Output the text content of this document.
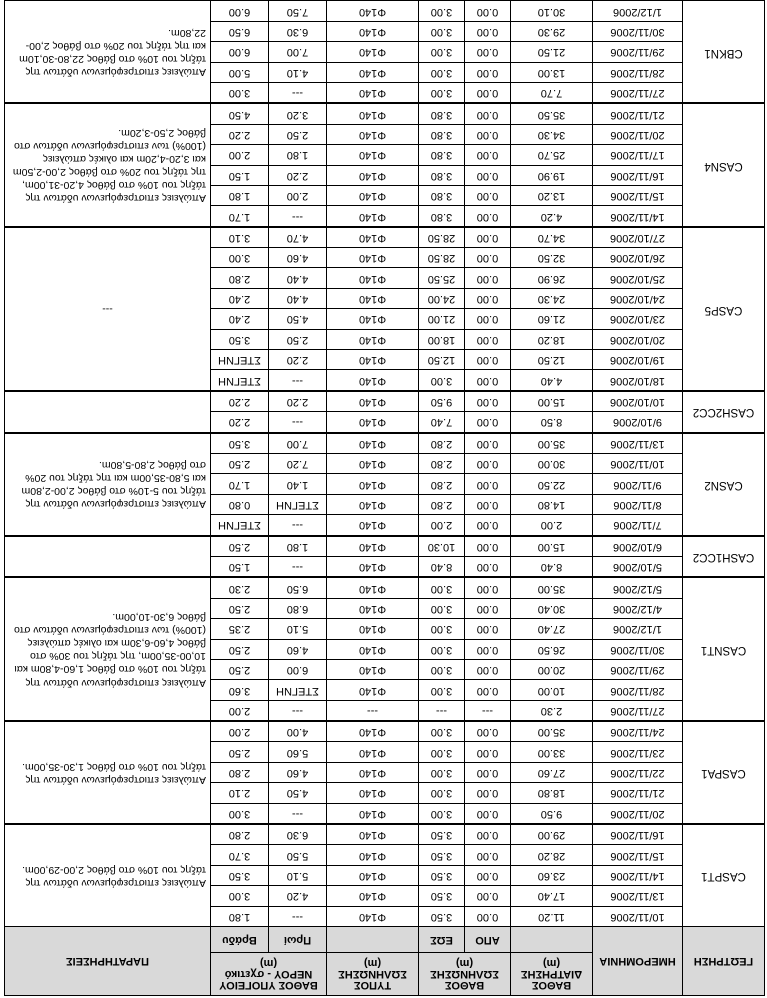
ΓΕΩΤΡΗΣΗ	ΗΜΕΡΟΜΗΝΙΑ	ΒΑΘΟΣ ΔΙΑΤΡΗΣΗΣ
(m)	ΒΑΘΟΣ ΣΩΛΗΝΩΣΗΣ
(m)		ΤΥΠΟΣ ΣΩΛΗΝΩΣΗΣ
(m)	ΒΑΘΟΣ ΥΠΟΓΕΙΟΥ ΝΕΡΟΥ - σχετικό
(m)		ΠΑΡΑΤΗΡΗΣΕΙΣ
			ΑΠΟ	ΕΩΣ		Πρωί	Βράδυ	
CASPT1	10/11/2006	11.20	0.00	3.50	Φ140	---	1.80	Απώλειες επιστρεφόμενων υδάτων της τάξης του 10% στο βάθος 2,00-29,00m.
	13/11/2006	17.40	0.00	3.50	Φ140	4.20	3.00	
	14/11/2006	23.60	0.00	3.50	Φ140	5.10	3.50	
	15/11/2006	28.20	0.00	3.50	Φ140	5.50	3.70	
	16/11/2006	29.00	0.00	3.50	Φ140	6.30	2.80	
CASPA1	20/11/2006	9.50	0.00	3.00	Φ140	---	3.00	Απώλειες επιστρεφόμενων υδάτων της τάξης του 10% στο βάθος 1,30-35,00m.
	21/11/2006	18.80	0.00	3.00	Φ140	4.50	2.10	
	22/11/2006	27.60	0.00	3.00	Φ140	4.60	2.80	
	23/11/2006	33.00	0.00	3.00	Φ140	5.60	2.50	
	24/11/2006	35.00	0.00	3.00	Φ140	4.00	2.00	
CASNT1	27/11/2006	2.30	---	---	---	---	2.00	Απώλειες επιστρεφόμενων υδάτων της τάξης του 10% στο βάθος 1,60-4,80m και 10,00-35,00m, της τάξης του 30% στο βάθος 4,60-6,30m και ολικές απώλειες (100%) των επιστρεφόμενων υδάτων στο βάθος 6,30-10,00m.
	28/11/2006	10.00	0.00	3.00	Φ140	ΣΤΕΓΝΗ	3.60	
	29/11/2006	20.00	0.00	3.00	Φ140	6.00	2.50	
	30/11/2006	26.50	0.00	3.00	Φ140	4.60	2.50	
	1/12/2006	27.40	0.00	3.00	Φ140	5.10	2.35	
	4/12/2006	30.40	0.00	3.00	Φ140	6.80	2.50	
	5/12/2006	35.00	0.00	3.00	Φ140	6.50	2.30	
CASH1CC2	5/10/2006	8.40	0.00	8.40	Φ140	---	1.50	
	6/10/2006	15.00	0.00	10.30	Φ140	1.80	2.50	
CASN2	7/11/2006	2.00	0.00	2.00	Φ140	---	ΣΤΕΓΝΗ	Απώλειες επιστρεφόμενων υδάτων της τάξης του 5-10% στο βάθος 2,00-2,80m και 5,80-35,00m και της τάξης του 20% στο βάθος 2,80-5,80m.
	8/11/2006	14.80	0.00	2.80	Φ140	ΣΤΕΓΝΗ	0.80	
	9/11/2006	22.50	0.00	2.80	Φ140	1.40	1.70	
	10/11/2006	30.00	0.00	2.80	Φ140	7.20	2.50	
	13/11/2006	35.00	0.00	2.80	Φ140	7.00	3.50	
CASH2CC2	9/10/2006	8.50	0.00	7.40	Φ140	---	2.20	
	10/10/2006	15.00	0.00	9.50	Φ140	2.20	2.20	
CASP5	18/10/2006	4.40	0.00	3.00	Φ140	---	ΣΤΕΓΝΗ	---
	19/10/2006	12.50	0.00	12.50	Φ140	2.20	ΣΤΕΓΝΗ	
	20/10/2006	18.20	0.00	18.00	Φ140	2.50	3.50	
	23/10/2006	21.60	0.00	21.00	Φ140	4.50	2.40	
	24/10/2006	24.30	0.00	24.00	Φ140	4.40	2.40	
	25/10/2006	26.90	0.00	25.50	Φ140	4.40	2.80	
	26/10/2006	32.50	0.00	28.50	Φ140	4.60	3.00	
	27/10/2006	34.70	0.00	28.50	Φ140	4.70	3.10	
CASN4	14/11/2006	4.20	0.00	3.80	Φ140	---	1.70	Απώλειες επιστρεφόμενων υδάτων της τάξης του 10% στο βάθος 4,20-31,00m, της τάξης του 20% στο βάθος 2,00-2,50m και 3,20-4,20m και ολικές απώλειες (100%) των επιστρεφόμενων υδάτων στο βάθος 2,50-3,20m.
	15/11/2006	13.20	0.00	3.80	Φ140	2.00	1.80	
	16/11/2006	19.90	0.00	3.80	Φ140	2.20	1.50	
	17/11/2006	25.70	0.00	3.80	Φ140	1.80	2.00	
	20/11/2006	34.30	0.00	3.80	Φ140	2.50	2.20	
	21/11/2006	35.50	0.00	3.80	Φ140	3.20	4.50	
CBKN1	27/11/2006	7.70	0.00	3.00	Φ140	---	3.00	Απώλειες επιστρεφόμενων υδάτων της τάξης του 10% στο βάθος 22,80-30,10m και της τάξης του 20% στο βάθος 2,00-22,80m.
	28/11/2006	13.00	0.00	3.00	Φ140	4.10	5.00	
	29/11/2006	21.50	0.00	3.00	Φ140	7.00	6.00	
	30/11/2006	29.30	0.00	3.00	Φ140	6.30	6.50	
	1/12/2006	30.10	0.00	3.00	Φ140	7.50	6.00	
